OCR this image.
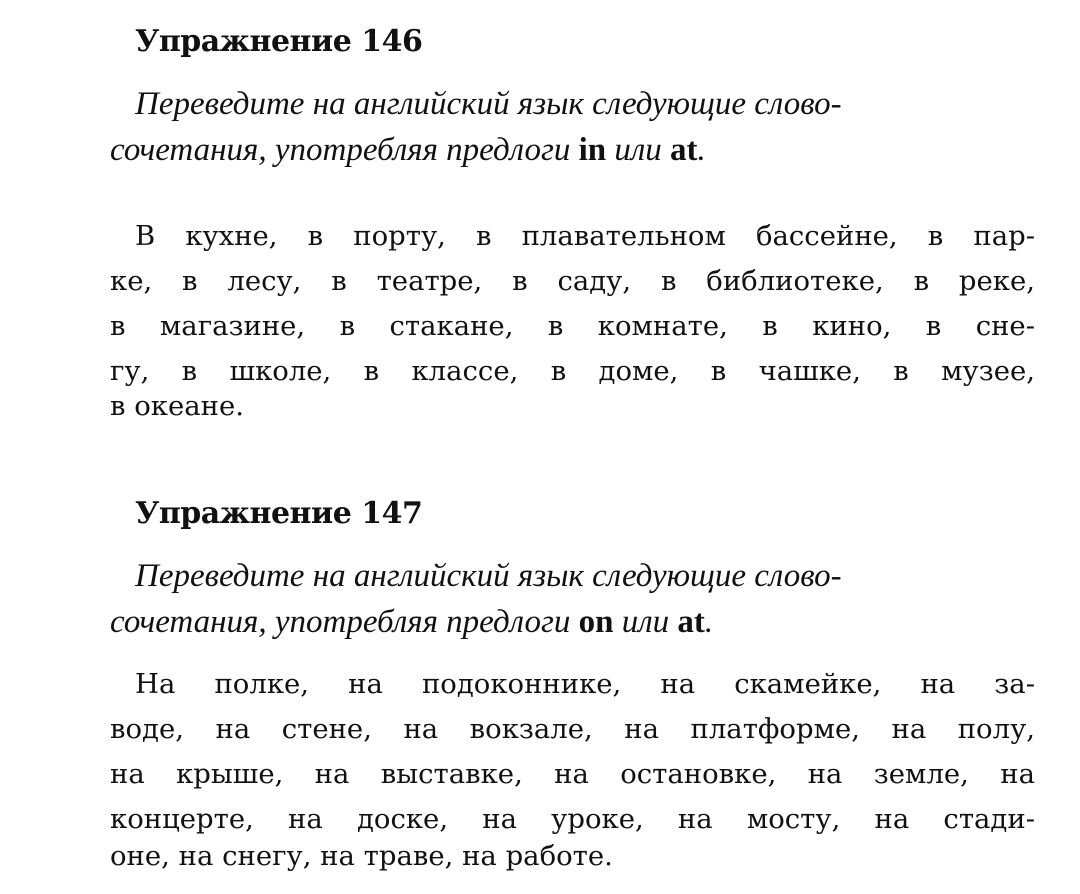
Упражнение 146
Переведите на английский язык следующие слово-
сочетания, употребляя предлоги in или at.
В кухне, в порту, в плавательном бассейне, в пар-
ке, в лесу, в театре, в саду, в библиотеке, в реке,
в магазине, в стакане, в комнате, в кино, в сне-
гу, в школе, в классе, в доме, в чашке, в музее,
в океане.
Упражнение 147
Переведите на английский язык следующие слово-
сочетания, употребляя предлоги on или at.
На полке, на подоконнике, на скамейке, на за-
воде, на стене, на вокзале, на платформе, на полу,
на крыше, на выставке, на остановке, на земле, на
концерте, на доске, на уроке, на мосту, на стади-
оне, на снегу, на траве, на работе.
